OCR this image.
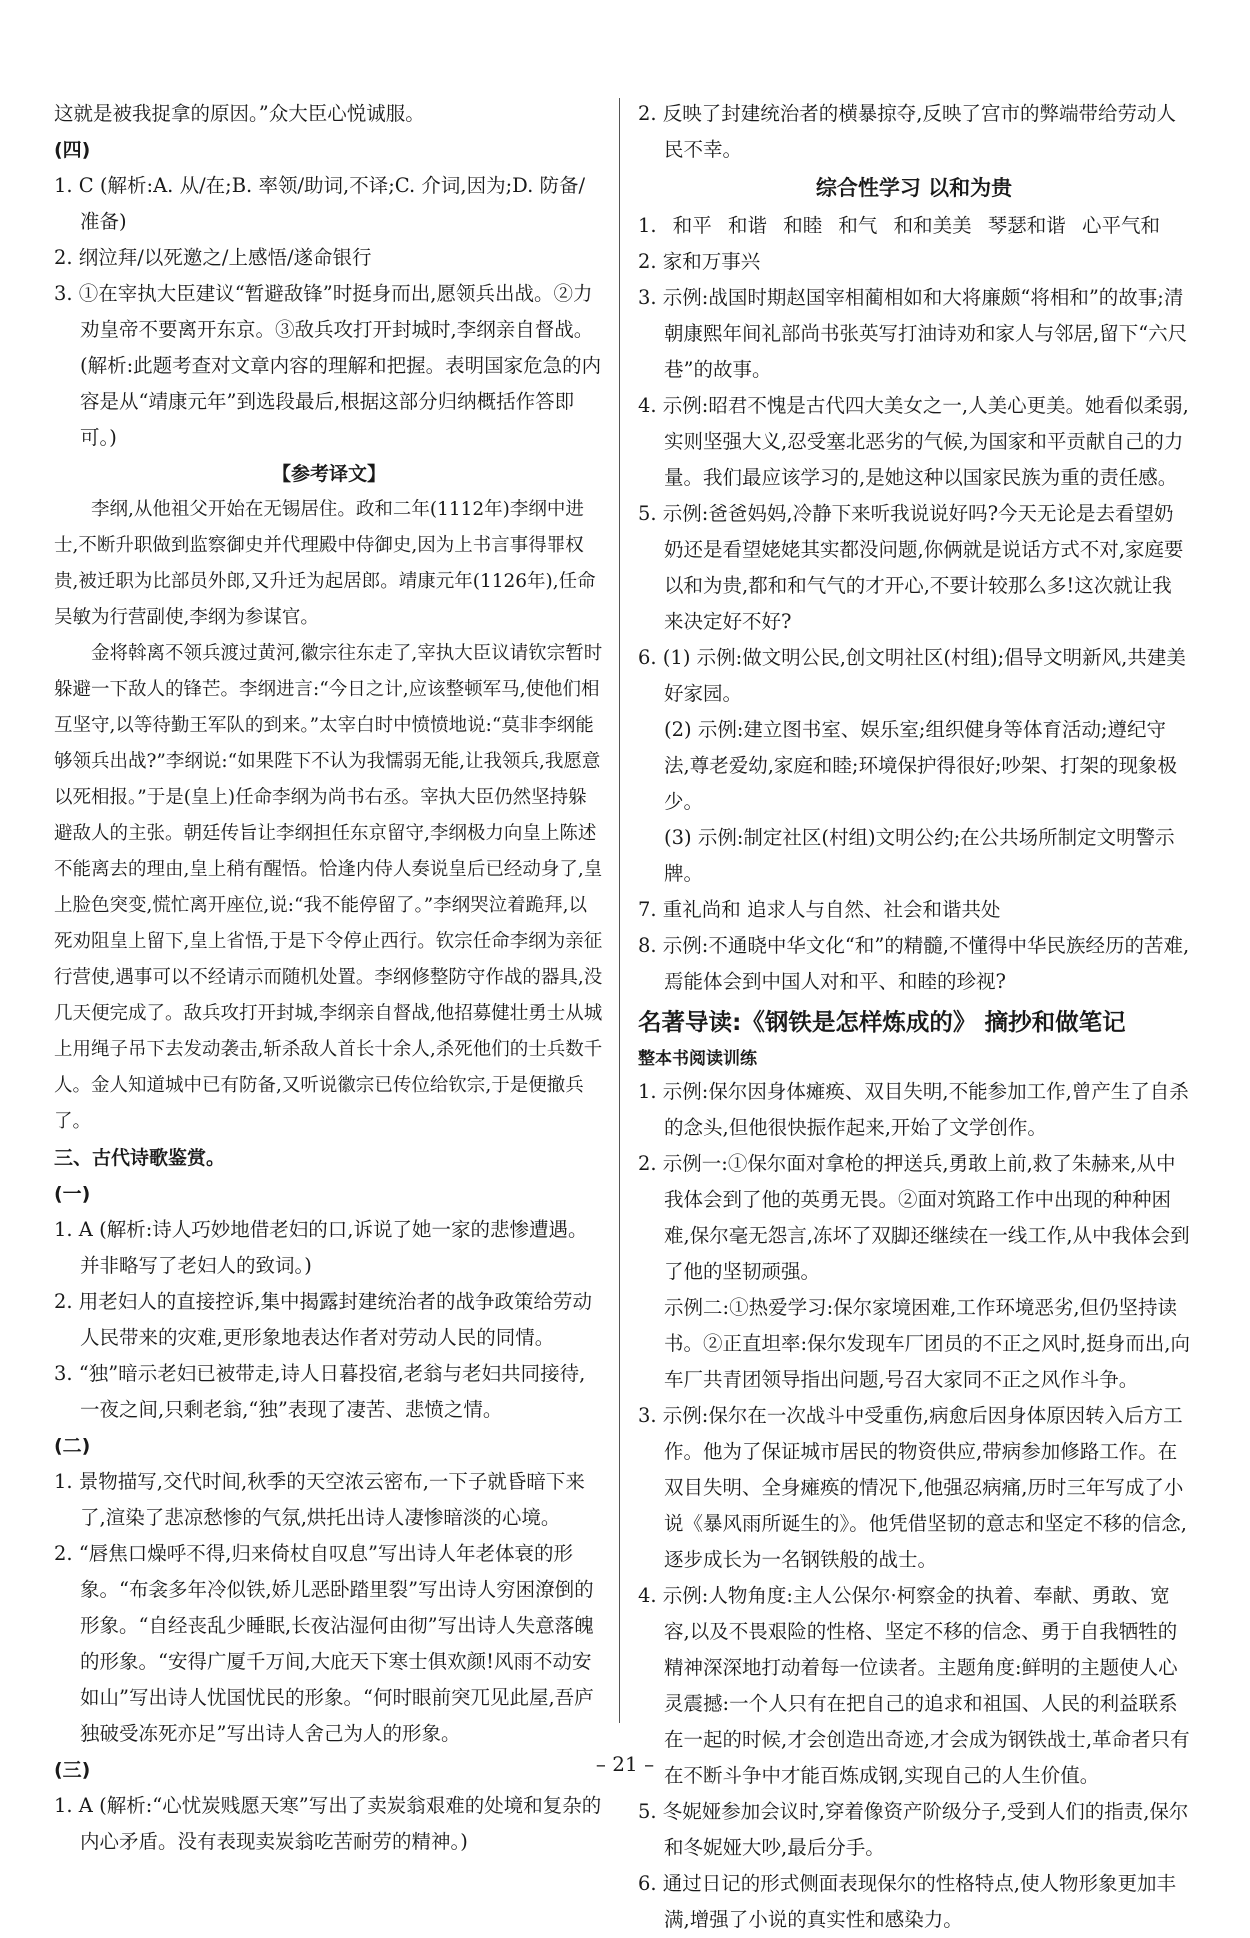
这就是被我捉拿的原因。”众大臣心悦诚服。

(四)

1. C (解析:A. 从/在;B. 率领/助词,不译;C. 介词,因为;D. 防备/准备)

2. 纲泣拜/以死邀之/上感悟/遂命银行

3. ①在宰执大臣建议“暂避敌锋”时挺身而出,愿领兵出战。②力劝皇帝不要离开东京。③敌兵攻打开封城时,李纲亲自督战。(解析:此题考查对文章内容的理解和把握。表明国家危急的内容是从“靖康元年”到选段最后,根据这部分归纳概括作答即可。)

【参考译文】

李纲,从他祖父开始在无锡居住。政和二年(1112年)李纲中进士,不断升职做到监察御史并代理殿中侍御史,因为上书言事得罪权贵,被迁职为比部员外郎,又升迁为起居郎。靖康元年(1126年),任命吴敏为行营副使,李纲为参谋官。

金将斡离不领兵渡过黄河,徽宗往东走了,宰执大臣议请钦宗暂时躲避一下敌人的锋芒。李纲进言:“今日之计,应该整顿军马,使他们相互坚守,以等待勤王军队的到来。”太宰白时中愤愤地说:“莫非李纲能够领兵出战?”李纲说:“如果陛下不认为我懦弱无能,让我领兵,我愿意以死相报。”于是(皇上)任命李纲为尚书右丞。宰执大臣仍然坚持躲避敌人的主张。朝廷传旨让李纲担任东京留守,李纲极力向皇上陈述不能离去的理由,皇上稍有醒悟。恰逢内侍人奏说皇后已经动身了,皇上脸色突变,慌忙离开座位,说:“我不能停留了。”李纲哭泣着跪拜,以死劝阻皇上留下,皇上省悟,于是下令停止西行。钦宗任命李纲为亲征行营使,遇事可以不经请示而随机处置。李纲修整防守作战的器具,没几天便完成了。敌兵攻打开封城,李纲亲自督战,他招募健壮勇士从城上用绳子吊下去发动袭击,斩杀敌人首长十余人,杀死他们的士兵数千人。金人知道城中已有防备,又听说徽宗已传位给钦宗,于是便撤兵了。

三、古代诗歌鉴赏。

(一)

1. A (解析:诗人巧妙地借老妇的口,诉说了她一家的悲惨遭遇。并非略写了老妇人的致词。)

2. 用老妇人的直接控诉,集中揭露封建统治者的战争政策给劳动人民带来的灾难,更形象地表达作者对劳动人民的同情。

3. “独”暗示老妇已被带走,诗人日暮投宿,老翁与老妇共同接待,一夜之间,只剩老翁,“独”表现了凄苦、悲愤之情。

(二)

1. 景物描写,交代时间,秋季的天空浓云密布,一下子就昏暗下来了,渲染了悲凉愁惨的气氛,烘托出诗人凄惨暗淡的心境。

2. “唇焦口燥呼不得,归来倚杖自叹息”写出诗人年老体衰的形象。“布衾多年冷似铁,娇儿恶卧踏里裂”写出诗人穷困潦倒的形象。“自经丧乱少睡眠,长夜沾湿何由彻”写出诗人失意落魄的形象。“安得广厦千万间,大庇天下寒士俱欢颜!风雨不动安如山”写出诗人忧国忧民的形象。“何时眼前突兀见此屋,吾庐独破受冻死亦足”写出诗人舍己为人的形象。

(三)

1. A (解析:“心忧炭贱愿天寒”写出了卖炭翁艰难的处境和复杂的内心矛盾。没有表现卖炭翁吃苦耐劳的精神。)

2. 反映了封建统治者的横暴掠夺,反映了宫市的弊端带给劳动人民不幸。

综合性学习 以和为贵

1. 和平 和谐 和睦 和气 和和美美 琴瑟和谐 心平气和

2. 家和万事兴

3. 示例:战国时期赵国宰相蔺相如和大将廉颇“将相和”的故事;清朝康熙年间礼部尚书张英写打油诗劝和家人与邻居,留下“六尺巷”的故事。

4. 示例:昭君不愧是古代四大美女之一,人美心更美。她看似柔弱,实则坚强大义,忍受塞北恶劣的气候,为国家和平贡献自己的力量。我们最应该学习的,是她这种以国家民族为重的责任感。

5. 示例:爸爸妈妈,冷静下来听我说说好吗?今天无论是去看望奶奶还是看望姥姥其实都没问题,你俩就是说话方式不对,家庭要以和为贵,都和和气气的才开心,不要计较那么多!这次就让我来决定好不好?

6. (1) 示例:做文明公民,创文明社区(村组);倡导文明新风,共建美好家园。

(2) 示例:建立图书室、娱乐室;组织健身等体育活动;遵纪守法,尊老爱幼,家庭和睦;环境保护得很好;吵架、打架的现象极少。

(3) 示例:制定社区(村组)文明公约;在公共场所制定文明警示牌。

7. 重礼尚和 追求人与自然、社会和谐共处

8. 示例:不通晓中华文化“和”的精髓,不懂得中华民族经历的苦难,焉能体会到中国人对和平、和睦的珍视?

名著导读:《钢铁是怎样炼成的》 摘抄和做笔记

整本书阅读训练

1. 示例:保尔因身体瘫痪、双目失明,不能参加工作,曾产生了自杀的念头,但他很快振作起来,开始了文学创作。

2. 示例一:①保尔面对拿枪的押送兵,勇敢上前,救了朱赫来,从中我体会到了他的英勇无畏。②面对筑路工作中出现的种种困难,保尔毫无怨言,冻坏了双脚还继续在一线工作,从中我体会到了他的坚韧顽强。

示例二:①热爱学习:保尔家境困难,工作环境恶劣,但仍坚持读书。②正直坦率:保尔发现车厂团员的不正之风时,挺身而出,向车厂共青团领导指出问题,号召大家同不正之风作斗争。

3. 示例:保尔在一次战斗中受重伤,病愈后因身体原因转入后方工作。他为了保证城市居民的物资供应,带病参加修路工作。在双目失明、全身瘫痪的情况下,他强忍病痛,历时三年写成了小说《暴风雨所诞生的》。他凭借坚韧的意志和坚定不移的信念,逐步成长为一名钢铁般的战士。

4. 示例:人物角度:主人公保尔·柯察金的执着、奉献、勇敢、宽容,以及不畏艰险的性格、坚定不移的信念、勇于自我牺牲的精神深深地打动着每一位读者。主题角度:鲜明的主题使人心灵震撼:一个人只有在把自己的追求和祖国、人民的利益联系在一起的时候,才会创造出奇迹,才会成为钢铁战士,革命者只有在不断斗争中才能百炼成钢,实现自己的人生价值。

5. 冬妮娅参加会议时,穿着像资产阶级分子,受到人们的指责,保尔和冬妮娅大吵,最后分手。

6. 通过日记的形式侧面表现保尔的性格特点,使人物形象更加丰满,增强了小说的真实性和感染力。

– 21 –
